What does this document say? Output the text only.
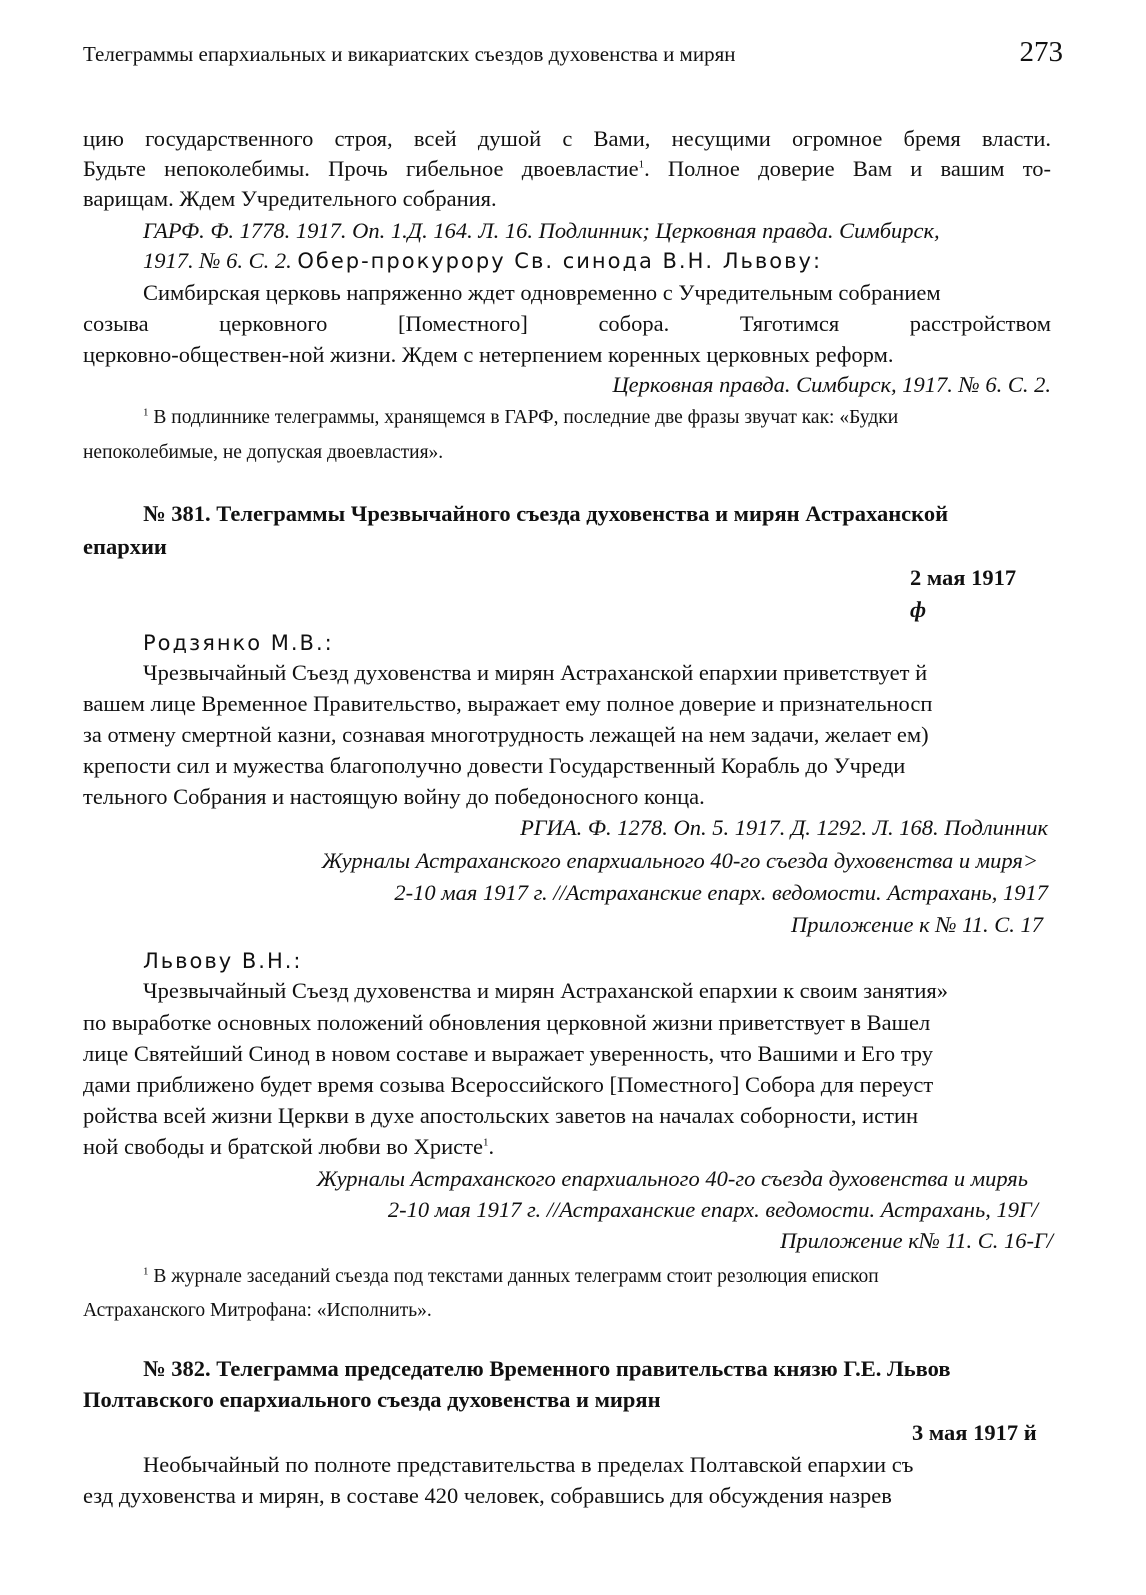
Телеграммы епархиальных и викариатских съездов духовенства и мирян	273
цию государственного строя, всей душой с Вами, несущими огромное бремя власти.
Будьте непоколебимы. Прочь гибельное двоевластие$^1$. Полное доверие Вам и вашим то-
варищам. Ждем Учредительного собрания.
ГАРФ. Ф. 1778. 1917. Оп. 1.Д. 164. Л. 16. Подлинник; Церковная правда. Симбирск,
1917. № 6. С. 2. Обер-прокурору Св. синода В.Н. Львову:
Симбирская церковь напряженно ждет одновременно с Учредительным собранием
созыва церковного [Поместного] собора. Тяготимся расстройством
церковно-обществен-ной жизни. Ждем с нетерпением коренных церковных реформ.
Церковная правда. Симбирск, 1917. № 6. С. 2.
$^1$ В подлиннике телеграммы, хранящемся в ГАРФ, последние две фразы звучат как: «Будки
непоколебимые, не допуская двоевластия».
№ 381. Телеграммы Чрезвычайного съезда духовенства и мирян Астраханской
епархии
2 мая 1917
ф
Родзянко М.В.:
Чрезвычайный Съезд духовенства и мирян Астраханской епархии приветствует й
вашем лице Временное Правительство, выражает ему полное доверие и признательносп
за отмену смертной казни, сознавая многотрудность лежащей на нем задачи, желает ем)
крепости сил и мужества благополучно довести Государственный Корабль до Учреди
тельного Собрания и настоящую войну до победоносного конца.
РГИА. Ф. 1278. Оп. 5. 1917. Д. 1292. Л. 168. Подлинник
Журналы Астраханского епархиального 40-го съезда духовенства и миря>
2-10 мая 1917 г. //Астраханские епарх. ведомости. Астрахань, 1917
Приложение к № 11. С. 17
Львову В.Н.:
Чрезвычайный Съезд духовенства и мирян Астраханской епархии к своим занятия»
по выработке основных положений обновления церковной жизни приветствует в Вашел
лице Святейший Синод в новом составе и выражает уверенность, что Вашими и Его тру
дами приближено будет время созыва Всероссийского [Поместного] Собора для переуст
ройства всей жизни Церкви в духе апостольских заветов на началах соборности, истин
ной свободы и братской любви во Христе$^1$.
Журналы Астраханского епархиального 40-го съезда духовенства и миряь
2-10 мая 1917 г. //Астраханские епарх. ведомости. Астрахань, 19Г/
Приложение к№ 11. С. 16-Г/
$^1$ В журнале заседаний съезда под текстами данных телеграмм стоит резолюция епископ
Астраханского Митрофана: «Исполнить».
№ 382. Телеграмма председателю Временного правительства князю Г.Е. Львов
Полтавского епархиального съезда духовенства и мирян
3 мая 1917 й
Необычайный по полноте представительства в пределах Полтавской епархии съ
езд духовенства и мирян, в составе 420 человек, собравшись для обсуждения назрев
